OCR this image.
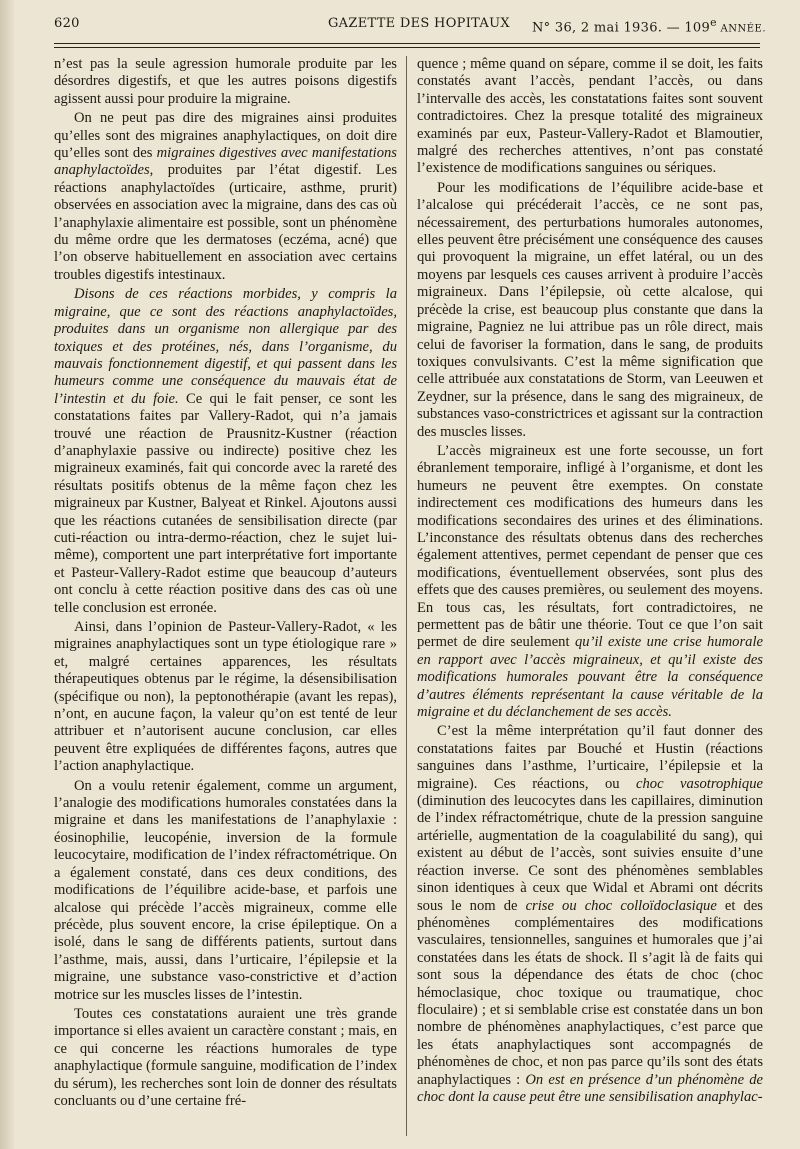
620	GAZETTE DES HOPITAUX N° 36, 2 mai 1936. — 109e ANNÉE.

n’est pas la seule agression humorale produite par les désordres digestifs, et que les autres poisons digestifs agissent aussi pour produire la migraine.

On ne peut pas dire des migraines ainsi produites qu’elles sont des migraines anaphylactiques, on doit dire qu’elles sont des migraines digestives avec manifestations anaphylactoïdes, produites par l’état digestif. Les réactions anaphylactoïdes (urticaire, asthme, prurit) observées en association avec la migraine, dans des cas où l’anaphylaxie alimentaire est possible, sont un phénomène du même ordre que les dermatoses (eczéma, acné) que l’on observe habituellement en association avec certains troubles digestifs intestinaux.

Disons de ces réactions morbides, y compris la migraine, que ce sont des réactions anaphylactoïdes, produites dans un organisme non allergique par des toxiques et des protéines, nés, dans l’organisme, du mauvais fonctionnement digestif, et qui passent dans les humeurs comme une conséquence du mauvais état de l’intestin et du foie. Ce qui le fait penser, ce sont les constatations faites par Vallery-Radot, qui n’a jamais trouvé une réaction de Prausnitz-Kustner (réaction d’anaphylaxie passive ou indirecte) positive chez les migraineux examinés, fait qui concorde avec la rareté des résultats positifs obtenus de la même façon chez les migraineux par Kustner, Balyeat et Rinkel. Ajoutons aussi que les réactions cutanées de sensibilisation directe (par cuti-réaction ou intra-dermo-réaction, chez le sujet lui-même), comportent une part interprétative fort importante et Pasteur-Vallery-Radot estime que beaucoup d’auteurs ont conclu à cette réaction positive dans des cas où une telle conclusion est erronée.

Ainsi, dans l’opinion de Pasteur-Vallery-Radot, « les migraines anaphylactiques sont un type étiologique rare » et, malgré certaines apparences, les résultats thérapeutiques obtenus par le régime, la désensibilisation (spécifique ou non), la peptonothérapie (avant les repas), n’ont, en aucune façon, la valeur qu’on est tenté de leur attribuer et n’autorisent aucune conclusion, car elles peuvent être expliquées de différentes façons, autres que l’action anaphylactique.

On a voulu retenir également, comme un argument, l’analogie des modifications humorales constatées dans la migraine et dans les manifestations de l’anaphylaxie : éosinophilie, leucopénie, inversion de la formule leucocytaire, modification de l’index réfractométrique. On a également constaté, dans ces deux conditions, des modifications de l’équilibre acide-base, et parfois une alcalose qui précède l’accès migraineux, comme elle précède, plus souvent encore, la crise épileptique. On a isolé, dans le sang de différents patients, surtout dans l’asthme, mais, aussi, dans l’urticaire, l’épilepsie et la migraine, une substance vaso-constrictive et d’action motrice sur les muscles lisses de l’intestin.

Toutes ces constatations auraient une très grande importance si elles avaient un caractère constant ; mais, en ce qui concerne les réactions humorales de type anaphylactique (formule sanguine, modification de l’index du sérum), les recherches sont loin de donner des résultats concluants ou d’une certaine fré-

quence ; même quand on sépare, comme il se doit, les faits constatés avant l’accès, pendant l’accès, ou dans l’intervalle des accès, les constatations faites sont souvent contradictoires. Chez la presque totalité des migraineux examinés par eux, Pasteur-Vallery-Radot et Blamoutier, malgré des recherches attentives, n’ont pas constaté l’existence de modifications sanguines ou sériques.

Pour les modifications de l’équilibre acide-base et l’alcalose qui précéderait l’accès, ce ne sont pas, nécessairement, des perturbations humorales autonomes, elles peuvent être précisément une conséquence des causes qui provoquent la migraine, un effet latéral, ou un des moyens par lesquels ces causes arrivent à produire l’accès migraineux. Dans l’épilepsie, où cette alcalose, qui précède la crise, est beaucoup plus constante que dans la migraine, Pagniez ne lui attribue pas un rôle direct, mais celui de favoriser la formation, dans le sang, de produits toxiques convulsivants. C’est la même signification que celle attribuée aux constatations de Storm, van Leeuwen et Zeydner, sur la présence, dans le sang des migraineux, de substances vaso-constrictrices et agissant sur la contraction des muscles lisses.

L’accès migraineux est une forte secousse, un fort ébranlement temporaire, infligé à l’organisme, et dont les humeurs ne peuvent être exemptes. On constate indirectement ces modifications des humeurs dans les modifications secondaires des urines et des éliminations. L’inconstance des résultats obtenus dans des recherches également attentives, permet cependant de penser que ces modifications, éventuellement observées, sont plus des effets que des causes premières, ou seulement des moyens. En tous cas, les résultats, fort contradictoires, ne permettent pas de bâtir une théorie. Tout ce que l’on sait permet de dire seulement qu’il existe une crise humorale en rapport avec l’accès migraineux, et qu’il existe des modifications humorales pouvant être la conséquence d’autres éléments représentant la cause véritable de la migraine et du déclanchement de ses accès.

C’est la même interprétation qu’il faut donner des constatations faites par Bouché et Hustin (réactions sanguines dans l’asthme, l’urticaire, l’épilepsie et la migraine). Ces réactions, ou choc vasotrophique (diminution des leucocytes dans les capillaires, diminution de l’index réfractométrique, chute de la pression sanguine artérielle, augmentation de la coagulabilité du sang), qui existent au début de l’accès, sont suivies ensuite d’une réaction inverse. Ce sont des phénomènes semblables sinon identiques à ceux que Widal et Abrami ont décrits sous le nom de crise ou choc colloïdoclasique et des phénomènes complémentaires des modifications vasculaires, tensionnelles, sanguines et humorales que j’ai constatées dans les états de shock. Il s’agit là de faits qui sont sous la dépendance des états de choc (choc hémoclasique, choc toxique ou traumatique, choc floculaire) ; et si semblable crise est constatée dans un bon nombre de phénomènes anaphylactiques, c’est parce que les états anaphylactiques sont accompagnés de phénomènes de choc, et non pas parce qu’ils sont des états anaphylactiques : On est en présence d’un phénomène de choc dont la cause peut être une sensibilisation anaphylac-
